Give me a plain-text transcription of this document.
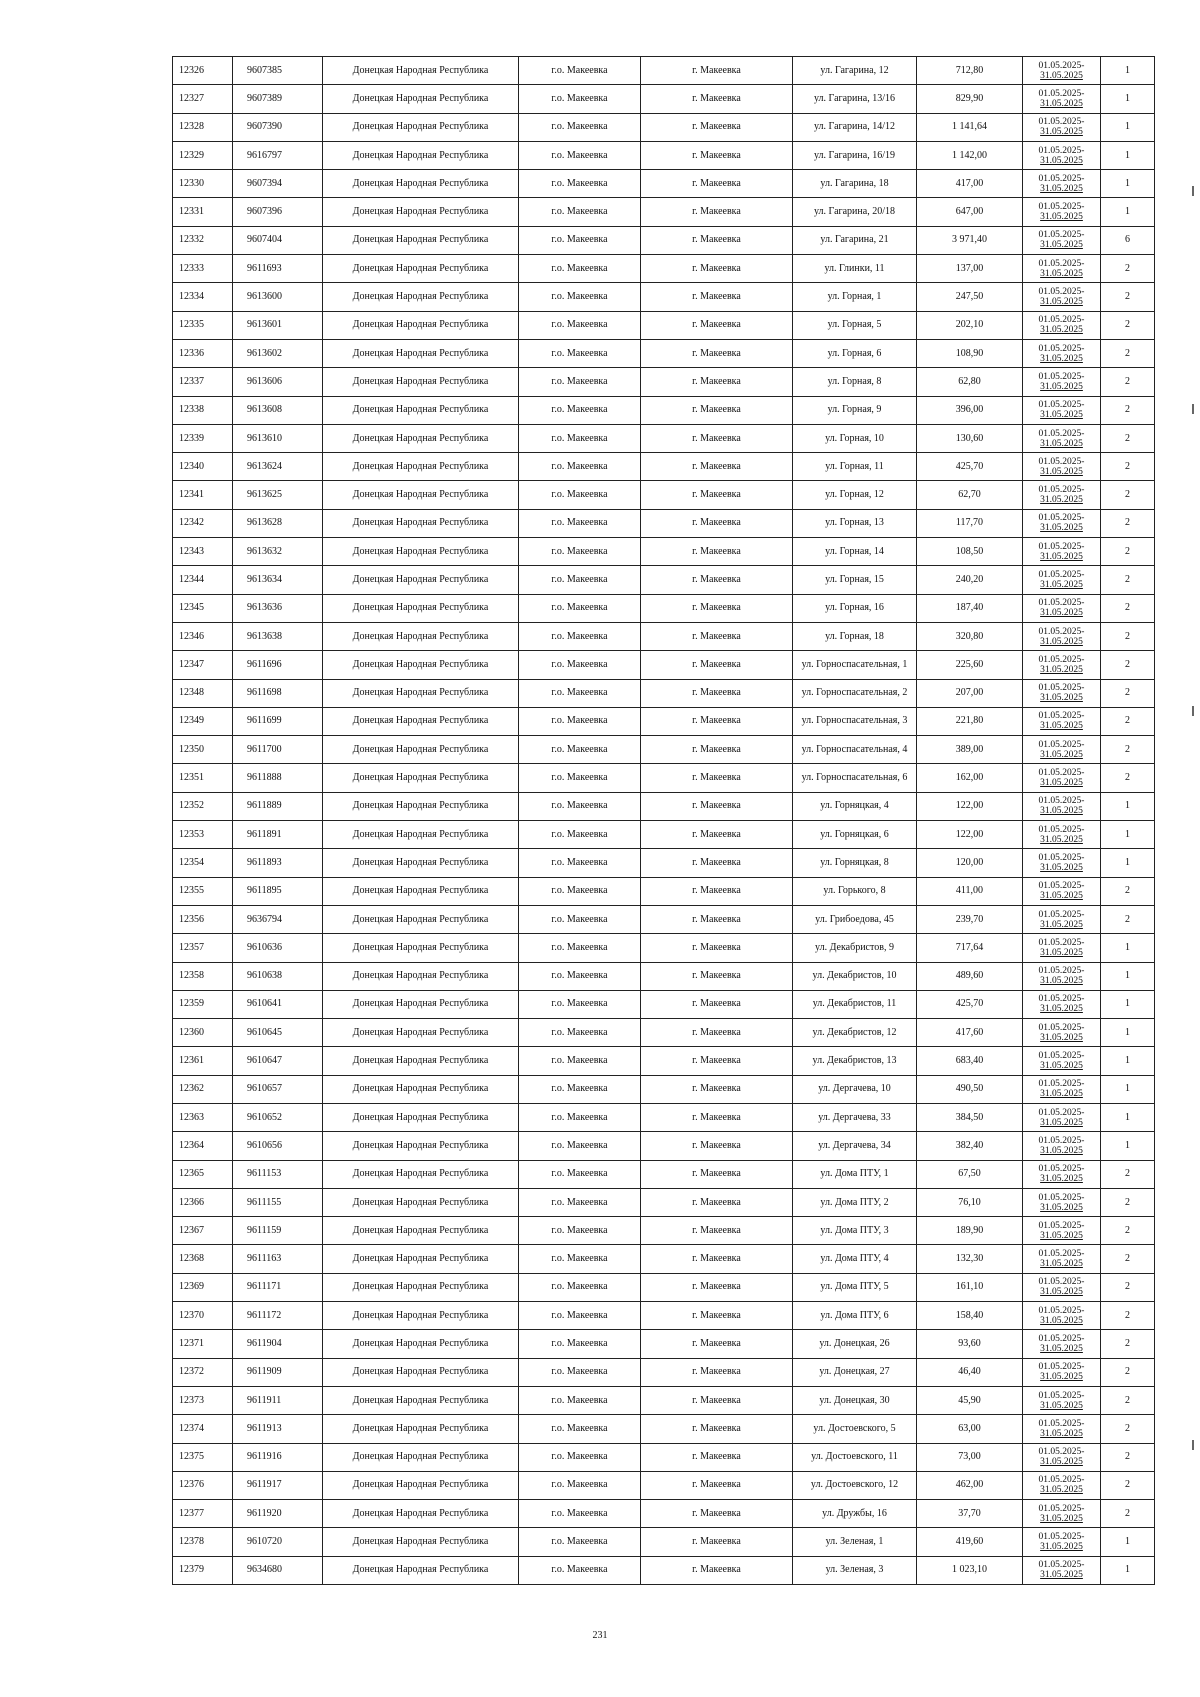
12326	9607385	Донецкая Народная Республика	г.о. Макеевка	г. Макеевка	ул. Гагарина, 12	712,80	01.05.2025-
31.05.2025	1
12327	9607389	Донецкая Народная Республика	г.о. Макеевка	г. Макеевка	ул. Гагарина, 13/16	829,90	01.05.2025-
31.05.2025	1
12328	9607390	Донецкая Народная Республика	г.о. Макеевка	г. Макеевка	ул. Гагарина, 14/12	1 141,64	01.05.2025-
31.05.2025	1
12329	9616797	Донецкая Народная Республика	г.о. Макеевка	г. Макеевка	ул. Гагарина, 16/19	1 142,00	01.05.2025-
31.05.2025	1
12330	9607394	Донецкая Народная Республика	г.о. Макеевка	г. Макеевка	ул. Гагарина, 18	417,00	01.05.2025-
31.05.2025	1
12331	9607396	Донецкая Народная Республика	г.о. Макеевка	г. Макеевка	ул. Гагарина, 20/18	647,00	01.05.2025-
31.05.2025	1
12332	9607404	Донецкая Народная Республика	г.о. Макеевка	г. Макеевка	ул. Гагарина, 21	3 971,40	01.05.2025-
31.05.2025	6
12333	9611693	Донецкая Народная Республика	г.о. Макеевка	г. Макеевка	ул. Глинки, 11	137,00	01.05.2025-
31.05.2025	2
12334	9613600	Донецкая Народная Республика	г.о. Макеевка	г. Макеевка	ул. Горная, 1	247,50	01.05.2025-
31.05.2025	2
12335	9613601	Донецкая Народная Республика	г.о. Макеевка	г. Макеевка	ул. Горная, 5	202,10	01.05.2025-
31.05.2025	2
12336	9613602	Донецкая Народная Республика	г.о. Макеевка	г. Макеевка	ул. Горная, 6	108,90	01.05.2025-
31.05.2025	2
12337	9613606	Донецкая Народная Республика	г.о. Макеевка	г. Макеевка	ул. Горная, 8	62,80	01.05.2025-
31.05.2025	2
12338	9613608	Донецкая Народная Республика	г.о. Макеевка	г. Макеевка	ул. Горная, 9	396,00	01.05.2025-
31.05.2025	2
12339	9613610	Донецкая Народная Республика	г.о. Макеевка	г. Макеевка	ул. Горная, 10	130,60	01.05.2025-
31.05.2025	2
12340	9613624	Донецкая Народная Республика	г.о. Макеевка	г. Макеевка	ул. Горная, 11	425,70	01.05.2025-
31.05.2025	2
12341	9613625	Донецкая Народная Республика	г.о. Макеевка	г. Макеевка	ул. Горная, 12	62,70	01.05.2025-
31.05.2025	2
12342	9613628	Донецкая Народная Республика	г.о. Макеевка	г. Макеевка	ул. Горная, 13	117,70	01.05.2025-
31.05.2025	2
12343	9613632	Донецкая Народная Республика	г.о. Макеевка	г. Макеевка	ул. Горная, 14	108,50	01.05.2025-
31.05.2025	2
12344	9613634	Донецкая Народная Республика	г.о. Макеевка	г. Макеевка	ул. Горная, 15	240,20	01.05.2025-
31.05.2025	2
12345	9613636	Донецкая Народная Республика	г.о. Макеевка	г. Макеевка	ул. Горная, 16	187,40	01.05.2025-
31.05.2025	2
12346	9613638	Донецкая Народная Республика	г.о. Макеевка	г. Макеевка	ул. Горная, 18	320,80	01.05.2025-
31.05.2025	2
12347	9611696	Донецкая Народная Республика	г.о. Макеевка	г. Макеевка	ул. Горноспасательная, 1	225,60	01.05.2025-
31.05.2025	2
12348	9611698	Донецкая Народная Республика	г.о. Макеевка	г. Макеевка	ул. Горноспасательная, 2	207,00	01.05.2025-
31.05.2025	2
12349	9611699	Донецкая Народная Республика	г.о. Макеевка	г. Макеевка	ул. Горноспасательная, 3	221,80	01.05.2025-
31.05.2025	2
12350	9611700	Донецкая Народная Республика	г.о. Макеевка	г. Макеевка	ул. Горноспасательная, 4	389,00	01.05.2025-
31.05.2025	2
12351	9611888	Донецкая Народная Республика	г.о. Макеевка	г. Макеевка	ул. Горноспасательная, 6	162,00	01.05.2025-
31.05.2025	2
12352	9611889	Донецкая Народная Республика	г.о. Макеевка	г. Макеевка	ул. Горняцкая, 4	122,00	01.05.2025-
31.05.2025	1
12353	9611891	Донецкая Народная Республика	г.о. Макеевка	г. Макеевка	ул. Горняцкая, 6	122,00	01.05.2025-
31.05.2025	1
12354	9611893	Донецкая Народная Республика	г.о. Макеевка	г. Макеевка	ул. Горняцкая, 8	120,00	01.05.2025-
31.05.2025	1
12355	9611895	Донецкая Народная Республика	г.о. Макеевка	г. Макеевка	ул. Горького, 8	411,00	01.05.2025-
31.05.2025	2
12356	9636794	Донецкая Народная Республика	г.о. Макеевка	г. Макеевка	ул. Грибоедова, 45	239,70	01.05.2025-
31.05.2025	2
12357	9610636	Донецкая Народная Республика	г.о. Макеевка	г. Макеевка	ул. Декабристов, 9	717,64	01.05.2025-
31.05.2025	1
12358	9610638	Донецкая Народная Республика	г.о. Макеевка	г. Макеевка	ул. Декабристов, 10	489,60	01.05.2025-
31.05.2025	1
12359	9610641	Донецкая Народная Республика	г.о. Макеевка	г. Макеевка	ул. Декабристов, 11	425,70	01.05.2025-
31.05.2025	1
12360	9610645	Донецкая Народная Республика	г.о. Макеевка	г. Макеевка	ул. Декабристов, 12	417,60	01.05.2025-
31.05.2025	1
12361	9610647	Донецкая Народная Республика	г.о. Макеевка	г. Макеевка	ул. Декабристов, 13	683,40	01.05.2025-
31.05.2025	1
12362	9610657	Донецкая Народная Республика	г.о. Макеевка	г. Макеевка	ул. Дергачева, 10	490,50	01.05.2025-
31.05.2025	1
12363	9610652	Донецкая Народная Республика	г.о. Макеевка	г. Макеевка	ул. Дергачева, 33	384,50	01.05.2025-
31.05.2025	1
12364	9610656	Донецкая Народная Республика	г.о. Макеевка	г. Макеевка	ул. Дергачева, 34	382,40	01.05.2025-
31.05.2025	1
12365	9611153	Донецкая Народная Республика	г.о. Макеевка	г. Макеевка	ул. Дома ПТУ, 1	67,50	01.05.2025-
31.05.2025	2
12366	9611155	Донецкая Народная Республика	г.о. Макеевка	г. Макеевка	ул. Дома ПТУ, 2	76,10	01.05.2025-
31.05.2025	2
12367	9611159	Донецкая Народная Республика	г.о. Макеевка	г. Макеевка	ул. Дома ПТУ, 3	189,90	01.05.2025-
31.05.2025	2
12368	9611163	Донецкая Народная Республика	г.о. Макеевка	г. Макеевка	ул. Дома ПТУ, 4	132,30	01.05.2025-
31.05.2025	2
12369	9611171	Донецкая Народная Республика	г.о. Макеевка	г. Макеевка	ул. Дома ПТУ, 5	161,10	01.05.2025-
31.05.2025	2
12370	9611172	Донецкая Народная Республика	г.о. Макеевка	г. Макеевка	ул. Дома ПТУ, 6	158,40	01.05.2025-
31.05.2025	2
12371	9611904	Донецкая Народная Республика	г.о. Макеевка	г. Макеевка	ул. Донецкая, 26	93,60	01.05.2025-
31.05.2025	2
12372	9611909	Донецкая Народная Республика	г.о. Макеевка	г. Макеевка	ул. Донецкая, 27	46,40	01.05.2025-
31.05.2025	2
12373	9611911	Донецкая Народная Республика	г.о. Макеевка	г. Макеевка	ул. Донецкая, 30	45,90	01.05.2025-
31.05.2025	2
12374	9611913	Донецкая Народная Республика	г.о. Макеевка	г. Макеевка	ул. Достоевского, 5	63,00	01.05.2025-
31.05.2025	2
12375	9611916	Донецкая Народная Республика	г.о. Макеевка	г. Макеевка	ул. Достоевского, 11	73,00	01.05.2025-
31.05.2025	2
12376	9611917	Донецкая Народная Республика	г.о. Макеевка	г. Макеевка	ул. Достоевского, 12	462,00	01.05.2025-
31.05.2025	2
12377	9611920	Донецкая Народная Республика	г.о. Макеевка	г. Макеевка	ул. Дружбы, 16	37,70	01.05.2025-
31.05.2025	2
12378	9610720	Донецкая Народная Республика	г.о. Макеевка	г. Макеевка	ул. Зеленая, 1	419,60	01.05.2025-
31.05.2025	1
12379	9634680	Донецкая Народная Республика	г.о. Макеевка	г. Макеевка	ул. Зеленая, 3	1 023,10	01.05.2025-
31.05.2025	1
231
